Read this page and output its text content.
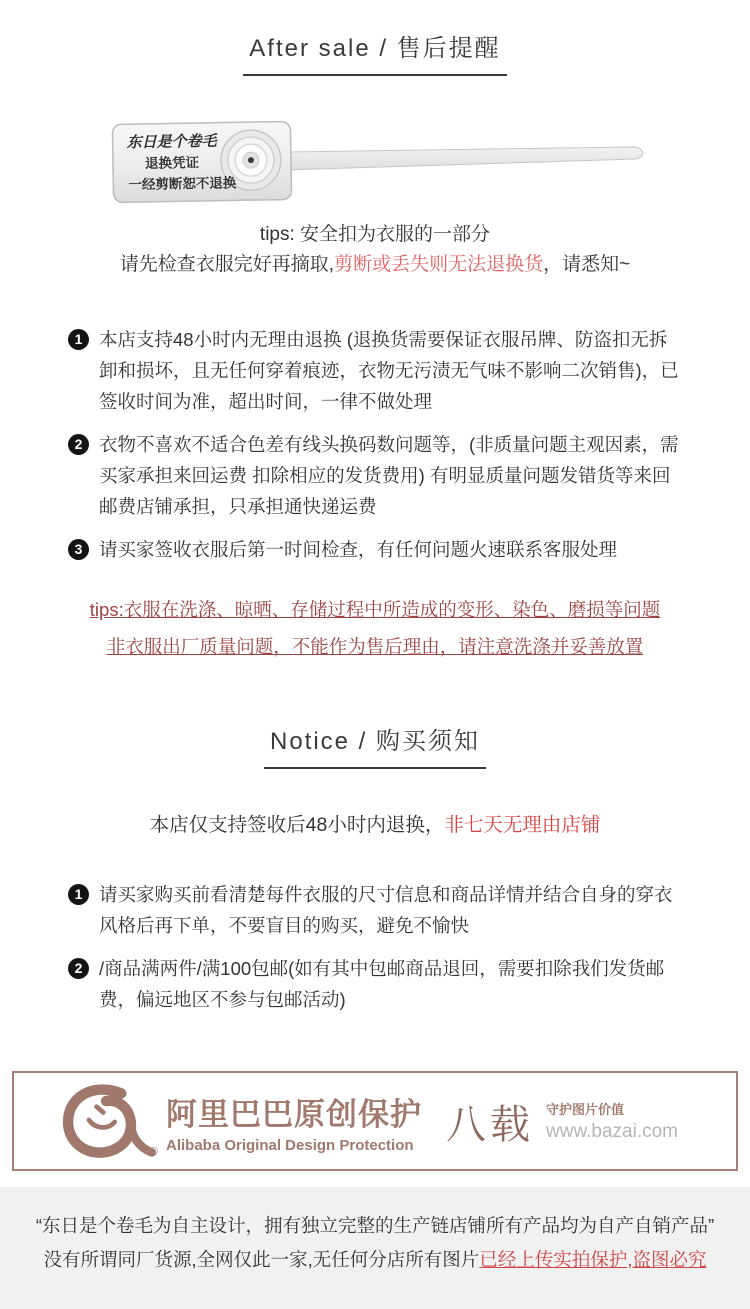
After sale / 售后提醒
东日是个卷毛
退换凭证
一经剪断恕不退换
tips: 安全扣为衣服的一部分
请先检查衣服完好再摘取,剪断或丢失则无法退换货，请悉知~
1 本店支持48小时内无理由退换 (退换货需要保证衣服吊牌、防盗扣无拆卸和损坏，且无任何穿着痕迹，衣物无污渍无气味不影响二次销售)，已签收时间为准，超出时间，一律不做处理
2 衣物不喜欢不适合色差有线头换码数问题等，(非质量问题主观因素，需买家承担来回运费 扣除相应的发货费用) 有明显质量问题发错货等来回邮费店铺承担，只承担通快递运费
3 请买家签收衣服后第一时间检查，有任何问题火速联系客服处理
tips:衣服在洗涤、晾晒、存储过程中所造成的变形、染色、磨损等问题
非衣服出厂质量问题，不能作为售后理由，请注意洗涤并妥善放置
Notice / 购买须知
本店仅支持签收后48小时内退换，非七天无理由店铺
1 请买家购买前看清楚每件衣服的尺寸信息和商品详情并结合自身的穿衣风格后再下单，不要盲目的购买，避免不愉快
2 /商品满两件/满100包邮(如有其中包邮商品退回，需要扣除我们发货邮费，偏远地区不参与包邮活动)
®
阿里巴巴原创保护
Alibaba Original Design Protection 八载 守护图片价值
www.bazai.com
“东日是个卷毛为自主设计，拥有独立完整的生产链店铺所有产品均为自产自销产品”
没有所谓同厂货源,全网仅此一家,无任何分店所有图片已经上传实拍保护,盗图必究
